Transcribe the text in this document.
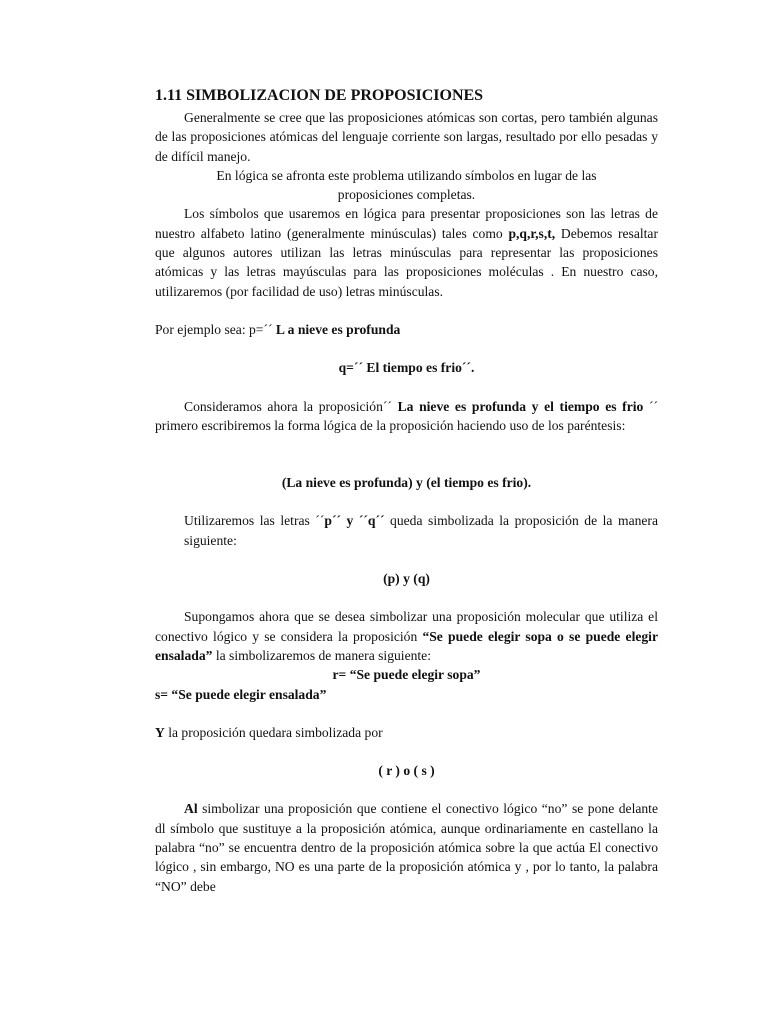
1.11 SIMBOLIZACION DE PROPOSICIONES

Generalmente se cree que las proposiciones atómicas son cortas, pero también algunas de las proposiciones atómicas del lenguaje corriente son largas, resultado por ello pesadas y de difícil manejo.

En lógica se afronta este problema utilizando símbolos en lugar de las

proposiciones completas.

Los símbolos que usaremos en lógica para presentar proposiciones son las letras de nuestro alfabeto latino (generalmente minúsculas) tales como p,q,r,s,t, Debemos resaltar que algunos autores utilizan las letras minúsculas para representar las proposiciones atómicas y las letras mayúsculas para las proposiciones moléculas . En nuestro caso, utilizaremos (por facilidad de uso) letras minúsculas.

Por ejemplo sea: p=´´ L a nieve es profunda

q=´´ El tiempo es frio´´.

Consideramos ahora la proposición´´ La nieve es profunda y el tiempo es frio ´´ primero escribiremos la forma lógica de la proposición haciendo uso de los paréntesis:

(La nieve es profunda) y (el tiempo es frio).

Utilizaremos las letras ´´p´´ y ´´q´´ queda simbolizada la proposición de la manera siguiente:

(p) y (q)

Supongamos ahora que se desea simbolizar una proposición molecular que utiliza el conectivo lógico y se considera la proposición “Se puede elegir sopa o se puede elegir ensalada” la simbolizaremos de manera siguiente:

r= “Se puede elegir sopa”

s= “Se puede elegir ensalada”

Y la proposición quedara simbolizada por

( r ) o ( s )

Al simbolizar una proposición que contiene el conectivo lógico “no” se pone delante dl símbolo que sustituye a la proposición atómica, aunque ordinariamente en castellano la palabra “no” se encuentra dentro de la proposición atómica sobre la que actúa El conectivo lógico , sin embargo, NO es una parte de la proposición atómica y , por lo tanto, la palabra “NO” debe
